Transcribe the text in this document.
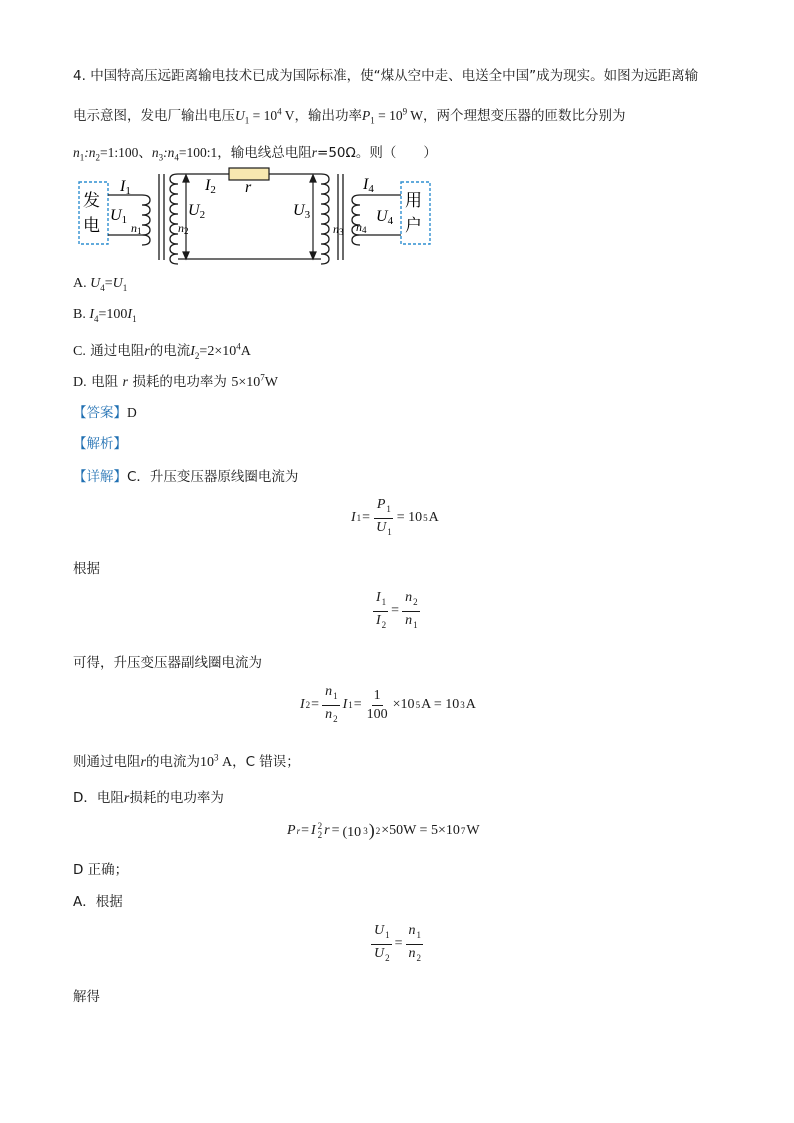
4. 中国特高压远距离输电技术已成为国际标准，使“煤从空中走、电送全中国”成为现实。如图为远距离输
电示意图，发电厂输出电压$U_1 = 10^4$ V，输出功率$P_1 = 10^9$ W，两个理想变压器的匝数比分别为
$n_1:n_2=1:100$、$n_3:n_4=100:1$，输电线总电阻r=50Ω。则（　　）
发
电
用
户
I1
U1
n1
I2
U2
n2
r
U3
n3
I4
U4
n4
A. $U_4=U_1$
B. $I_4=100I_1$
C. 通过电阻r的电流$I_2=2\times 10^4A$
D. 电阻 r 损耗的电功率为 $5\times 10^7W$
【答案】D
【解析】
【详解】C．升压变压器原线圈电流为
I $1 = \frac{P_1}{U_1} = 10$ 5 A
根据
$\frac{I_1}{I_2} = \frac{n_2}{n_1}$
可得，升压变压器副线圈电流为
I $2 = \frac{n_1}{n_2}$ I $1 = \frac{1}{100} \times 10$ 5 A = 10 3 A
则通过电阻r的电流为$10^3$ A，C 错误；
D．电阻r损耗的电功率为
P r = I 2
2 r = (10 3 ) 2 ×50W = 5×10 7 W
D 正确；
A．根据
$\frac{U_1}{U_2} = \frac{n_1}{n_2}$
解得
